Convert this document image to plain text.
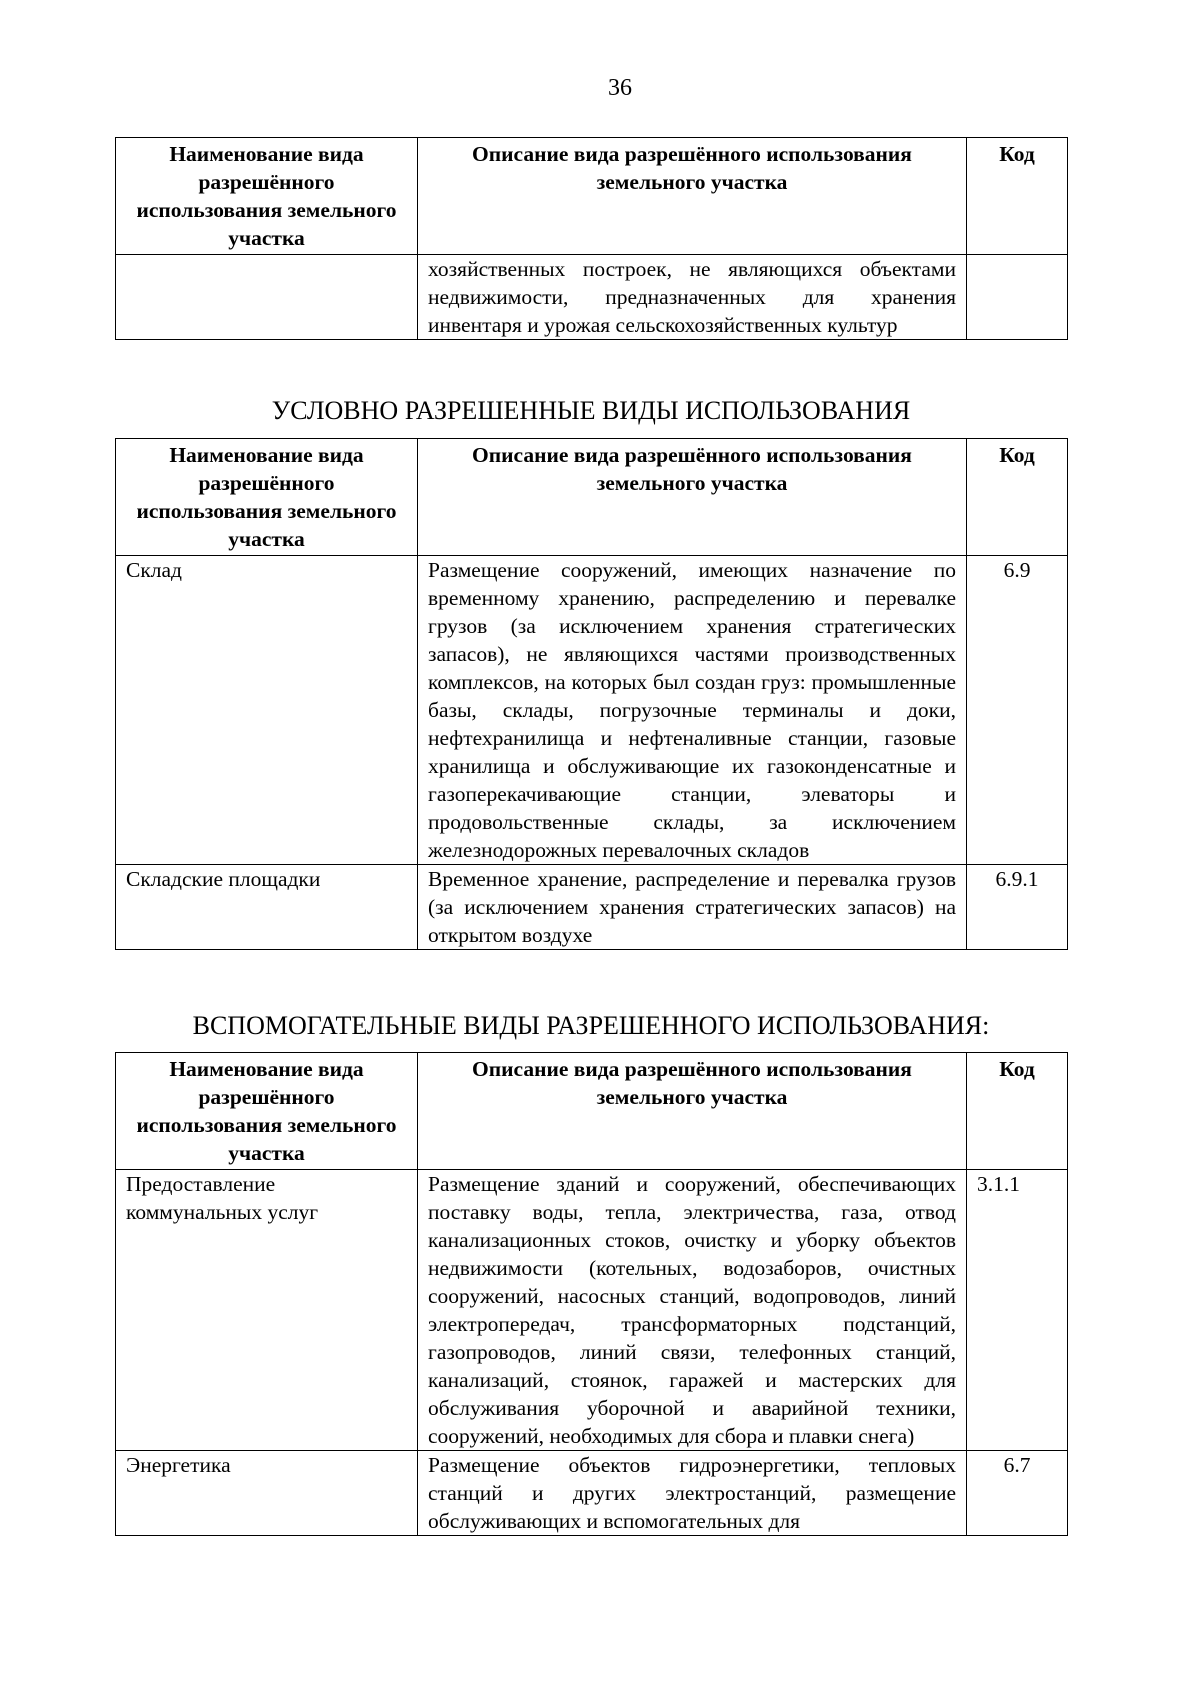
36
Наименование вида разрешённого использования земельного участка	Описание вида разрешённого использования земельного участка	Код
	хозяйственных построек, не являющихся объектами недвижимости, предназначенных для хранения инвентаря и урожая сельскохозяйственных культур	
УСЛОВНО РАЗРЕШЕННЫЕ ВИДЫ ИСПОЛЬЗОВАНИЯ
Наименование вида разрешённого использования земельного участка	Описание вида разрешённого использования земельного участка	Код
Склад	Размещение сооружений, имеющих назначение по временному хранению, распределению и перевалке грузов (за исключением хранения стратегических запасов), не являющихся частями производственных комплексов, на которых был создан груз: промышленные базы, склады, погрузочные терминалы и доки, нефтехранилища и нефтеналивные станции, газовые хранилища и обслуживающие их газоконденсатные и газоперекачивающие станции, элеваторы и продовольственные склады, за исключением железнодорожных перевалочных складов	6.9
Складские площадки	Временное хранение, распределение и перевалка грузов (за исключением хранения стратегических запасов) на открытом воздухе	6.9.1
ВСПОМОГАТЕЛЬНЫЕ ВИДЫ РАЗРЕШЕННОГО ИСПОЛЬЗОВАНИЯ:
Наименование вида разрешённого использования земельного участка	Описание вида разрешённого использования земельного участка	Код
Предоставление коммунальных услуг	Размещение зданий и сооружений, обеспечивающих поставку воды, тепла, электричества, газа, отвод канализационных стоков, очистку и уборку объектов недвижимости (котельных, водозаборов, очистных сооружений, насосных станций, водопроводов, линий электропередач, трансформаторных подстанций, газопроводов, линий связи, телефонных станций, канализаций, стоянок, гаражей и мастерских для обслуживания уборочной и аварийной техники, сооружений, необходимых для сбора и плавки снега)	3.1.1
Энергетика	Размещение объектов гидроэнергетики, тепловых станций и других электростанций, размещение обслуживающих и вспомогательных для	6.7
